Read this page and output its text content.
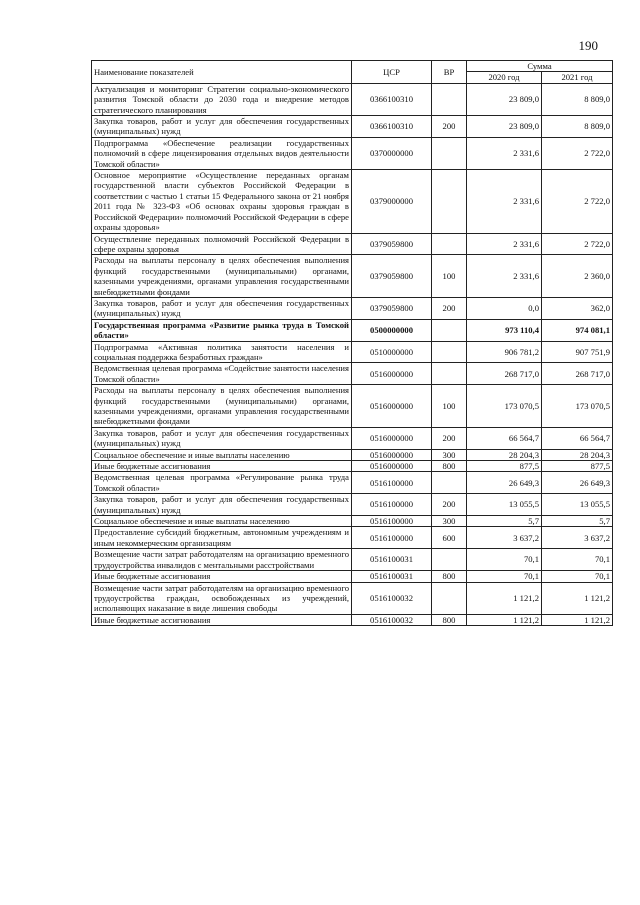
190
Наименование показателей	ЦСР	ВР	Сумма	
			2020 год	2021 год
Актуализация и мониторинг Стратегии социально-экономического развития Томской области до 2030 года и внедрение методов стратегического планирования	0366100310		23 809,0	8 809,0
Закупка товаров, работ и услуг для обеспечения государственных (муниципальных) нужд	0366100310	200	23 809,0	8 809,0
Подпрограмма «Обеспечение реализации государственных полномочий в сфере лицензирования отдельных видов деятельности Томской области»	0370000000		2 331,6	2 722,0
Основное мероприятие «Осуществление переданных органам государственной власти субъектов Российской Федерации в соответствии с частью 1 статьи 15 Федерального закона от 21 ноября 2011 года № 323-ФЗ «Об основах охраны здоровья граждан в Российской Федерации» полномочий Российской Федерации в сфере охраны здоровья»	0379000000		2 331,6	2 722,0
Осуществление переданных полномочий Российской Федерации в сфере охраны здоровья	0379059800		2 331,6	2 722,0
Расходы на выплаты персоналу в целях обеспечения выполнения функций государственными (муниципальными) органами, казенными учреждениями, органами управления государственными внебюджетными фондами	0379059800	100	2 331,6	2 360,0
Закупка товаров, работ и услуг для обеспечения государственных (муниципальных) нужд	0379059800	200	0,0	362,0
Государственная программа «Развитие рынка труда в Томской области»	0500000000		973 110,4	974 081,1
Подпрограмма «Активная политика занятости населения и социальная поддержка безработных граждан»	0510000000		906 781,2	907 751,9
Ведомственная целевая программа «Содействие занятости населения Томской области»	0516000000		268 717,0	268 717,0
Расходы на выплаты персоналу в целях обеспечения выполнения функций государственными (муниципальными) органами, казенными учреждениями, органами управления государственными внебюджетными фондами	0516000000	100	173 070,5	173 070,5
Закупка товаров, работ и услуг для обеспечения государственных (муниципальных) нужд	0516000000	200	66 564,7	66 564,7
Социальное обеспечение и иные выплаты населению	0516000000	300	28 204,3	28 204,3
Иные бюджетные ассигнования	0516000000	800	877,5	877,5
Ведомственная целевая программа «Регулирование рынка труда Томской области»	0516100000		26 649,3	26 649,3
Закупка товаров, работ и услуг для обеспечения государственных (муниципальных) нужд	0516100000	200	13 055,5	13 055,5
Социальное обеспечение и иные выплаты населению	0516100000	300	5,7	5,7
Предоставление субсидий бюджетным, автономным учреждениям и иным некоммерческим организациям	0516100000	600	3 637,2	3 637,2
Возмещение части затрат работодателям на организацию временного трудоустройства инвалидов с ментальными расстройствами	0516100031		70,1	70,1
Иные бюджетные ассигнования	0516100031	800	70,1	70,1
Возмещение части затрат работодателям на организацию временного трудоустройства граждан, освобожденных из учреждений, исполняющих наказание в виде лишения свободы	0516100032		1 121,2	1 121,2
Иные бюджетные ассигнования	0516100032	800	1 121,2	1 121,2
